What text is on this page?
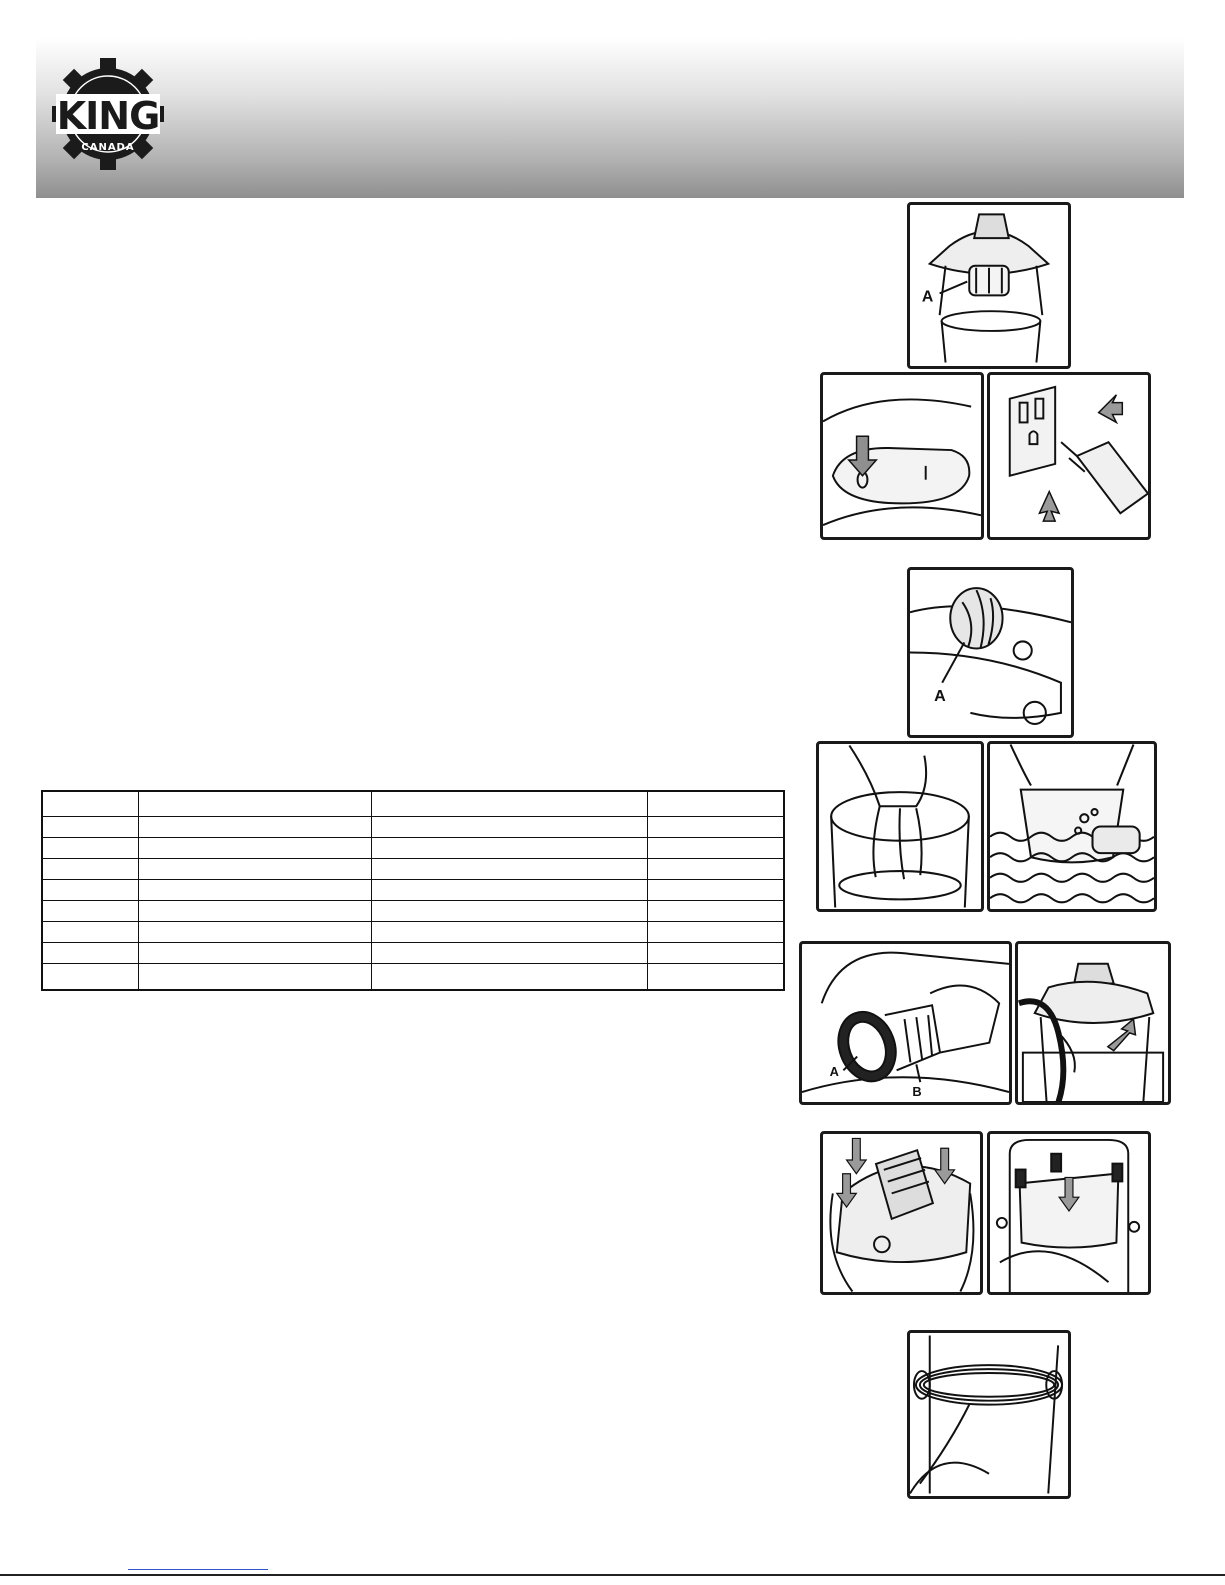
KING
CANADA
A
A

A
B
